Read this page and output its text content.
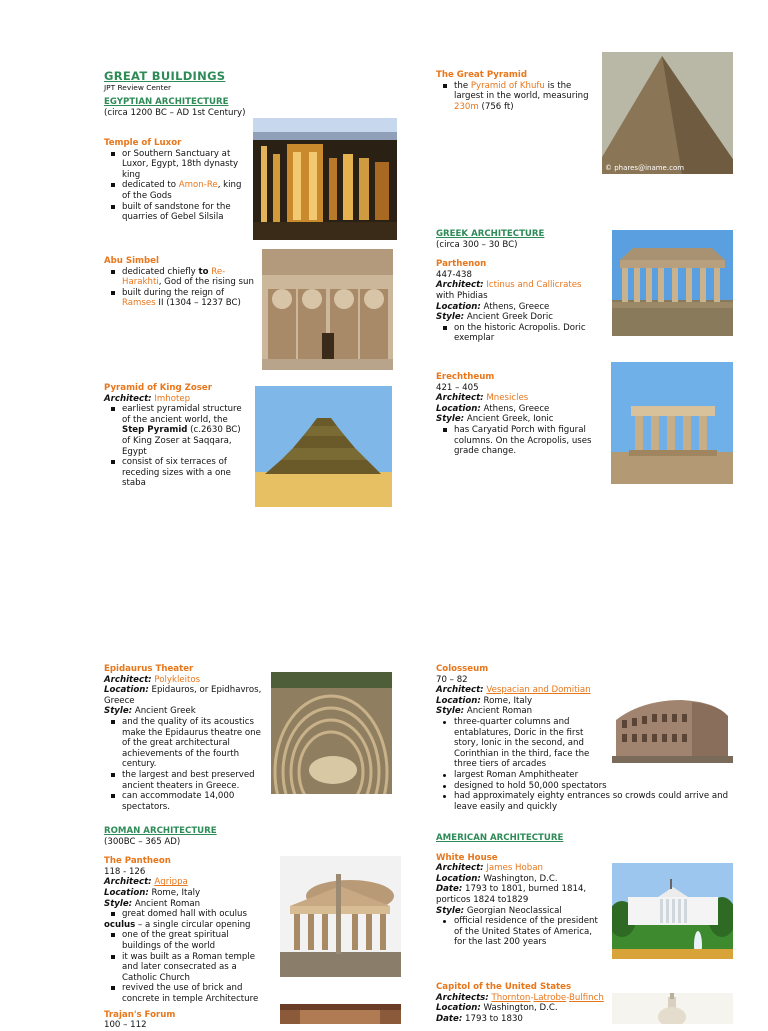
GREAT BUILDINGS
JPT Review Center
EGYPTIAN ARCHITECTURE
(circa 1200 BC – AD 1st Century)
Temple of Luxor
or Southern Sanctuary at Luxor, Egypt, 18th dynasty king
dedicated to Amon-Re, king of the Gods
built of sandstone for the quarries of Gebel Silsila
Abu Simbel
dedicated chiefly to Re-Harakhti, God of the rising sun
built during the reign of Ramses II (1304 – 1237 BC)
Pyramid of King Zoser
Architect: Imhotep
earliest pyramidal structure of the ancient world, the Step Pyramid (c.2630 BC) of King Zoser at Saqqara, Egypt
consist of six terraces of receding sizes with a one staba
The Great Pyramid
the Pyramid of Khufu is the largest in the world, measuring 230m (756 ft)
© phares@iname.com
GREEK ARCHITECTURE
(circa 300 – 30 BC)
Parthenon
447-438
Architect: Ictinus and Callicrates with Phidias
Location: Athens, Greece
Style: Ancient Greek Doric
on the historic Acropolis. Doric exemplar
Erechtheum
421 – 405
Architect: Mnesicles
Location: Athens, Greece
Style: Ancient Greek, Ionic
has Caryatid Porch with figural columns. On the Acropolis, uses grade change.
Epidaurus Theater
Architect: Polykleitos
Location: Epidauros, or Epidhavros, Greece
Style: Ancient Greek
and the quality of its acoustics make the Epidaurus theatre one of the great architectural achievements of the fourth century.
the largest and best preserved ancient theaters in Greece.
can accommodate 14,000 spectators.
ROMAN ARCHITECTURE
(300BC – 365 AD)
The Pantheon
118 - 126
Architect: Agrippa
Location: Rome, Italy
Style: Ancient Roman
great domed hall with oculus
oculus – a single circular opening
one of the great spiritual buildings of the world
it was built as a Roman temple and later consecrated as a Catholic Church
revived the use of brick and concrete in temple Architecture
Trajan's Forum
100 – 112
Colosseum
70 – 82
Architect: Vespacian and Domitian
Location: Rome, Italy
Style: Ancient Roman
three-quarter columns and entablatures, Doric in the first story, Ionic in the second, and Corinthian in the third, face the three tiers of arcades
largest Roman Amphitheater
designed to hold 50,000 spectators
had approximately eighty entrances so crowds could arrive and leave easily and quickly
AMERICAN ARCHITECTURE
White House
Architect: James Hoban
Location: Washington, D.C.
Date: 1793 to 1801, burned 1814, porticos 1824 to1829
Style: Georgian Neoclassical
official residence of the president of the United States of America, for the last 200 years
Capitol of the United States
Architects: Thornton-Latrobe-Bulfinch
Location: Washington, D.C.
Date: 1793 to 1830
